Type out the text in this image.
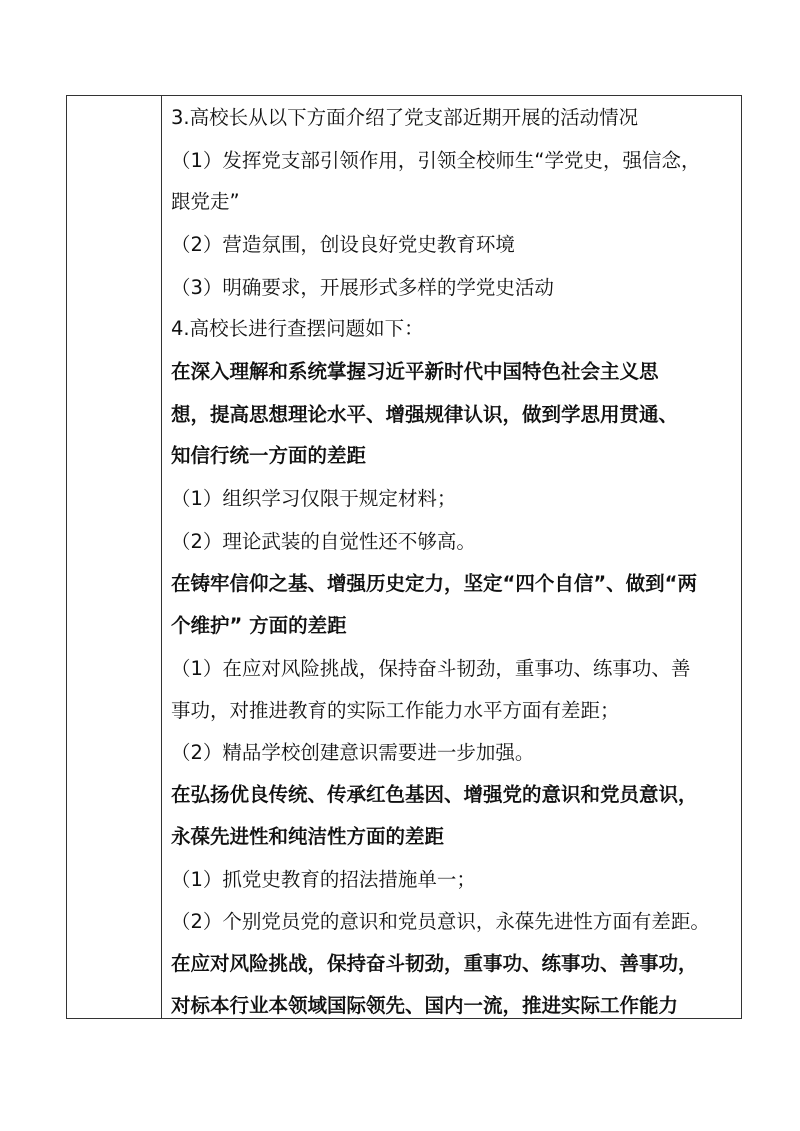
3.高校长从以下方面介绍了党支部近期开展的活动情况
（1）发挥党支部引领作用，引领全校师生“学党史，强信念，
跟党走”
（2）营造氛围，创设良好党史教育环境
（3）明确要求，开展形式多样的学党史活动
4.高校长进行查摆问题如下：
在深入理解和系统掌握习近平新时代中国特色社会主义思
想，提高思想理论水平、增强规律认识，做到学思用贯通、
知信行统一方面的差距
（1）组织学习仅限于规定材料；
（2）理论武装的自觉性还不够高。
在铸牢信仰之基、增强历史定力，坚定“四个自信”、做到“两
个维护” 方面的差距
（1）在应对风险挑战，保持奋斗韧劲，重事功、练事功、善
事功，对推进教育的实际工作能力水平方面有差距；
（2）精品学校创建意识需要进一步加强。
在弘扬优良传统、传承红色基因、增强党的意识和党员意识，
永葆先进性和纯洁性方面的差距
（1）抓党史教育的招法措施单一；
（2）个别党员党的意识和党员意识，永葆先进性方面有差距。
在应对风险挑战，保持奋斗韧劲，重事功、练事功、善事功，
对标本行业本领域国际领先、国内一流，推进实际工作能力
